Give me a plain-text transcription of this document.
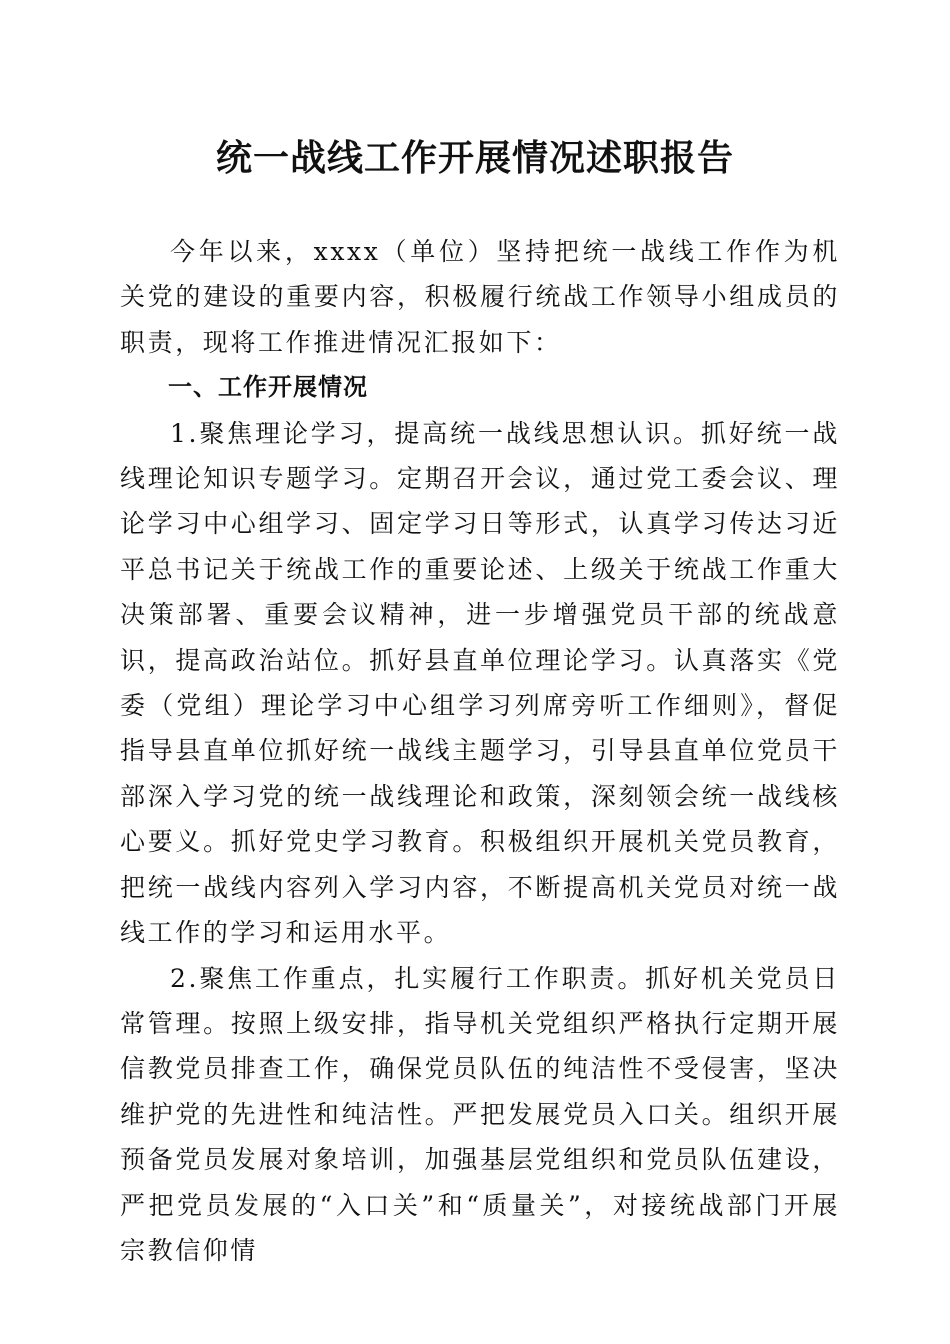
统一战线工作开展情况述职报告

今年以来，xxxx（单位）坚持把统一战线工作作为机关党的建设的重要内容，积极履行统战工作领导小组成员的职责，现将工作推进情况汇报如下：

一、工作开展情况

1.聚焦理论学习，提高统一战线思想认识。抓好统一战线理论知识专题学习。定期召开会议，通过党工委会议、理论学习中心组学习、固定学习日等形式，认真学习传达习近平总书记关于统战工作的重要论述、上级关于统战工作重大决策部署、重要会议精神，进一步增强党员干部的统战意识，提高政治站位。抓好县直单位理论学习。认真落实《党委（党组）理论学习中心组学习列席旁听工作细则》，督促指导县直单位抓好统一战线主题学习，引导县直单位党员干部深入学习党的统一战线理论和政策，深刻领会统一战线核心要义。抓好党史学习教育。积极组织开展机关党员教育，把统一战线内容列入学习内容，不断提高机关党员对统一战线工作的学习和运用水平。

2.聚焦工作重点，扎实履行工作职责。抓好机关党员日常管理。按照上级安排，指导机关党组织严格执行定期开展信教党员排查工作，确保党员队伍的纯洁性不受侵害，坚决维护党的先进性和纯洁性。严把发展党员入口关。组织开展预备党员发展对象培训，加强基层党组织和党员队伍建设，严把党员发展的“入口关”和“质量关”，对接统战部门开展宗教信仰情
